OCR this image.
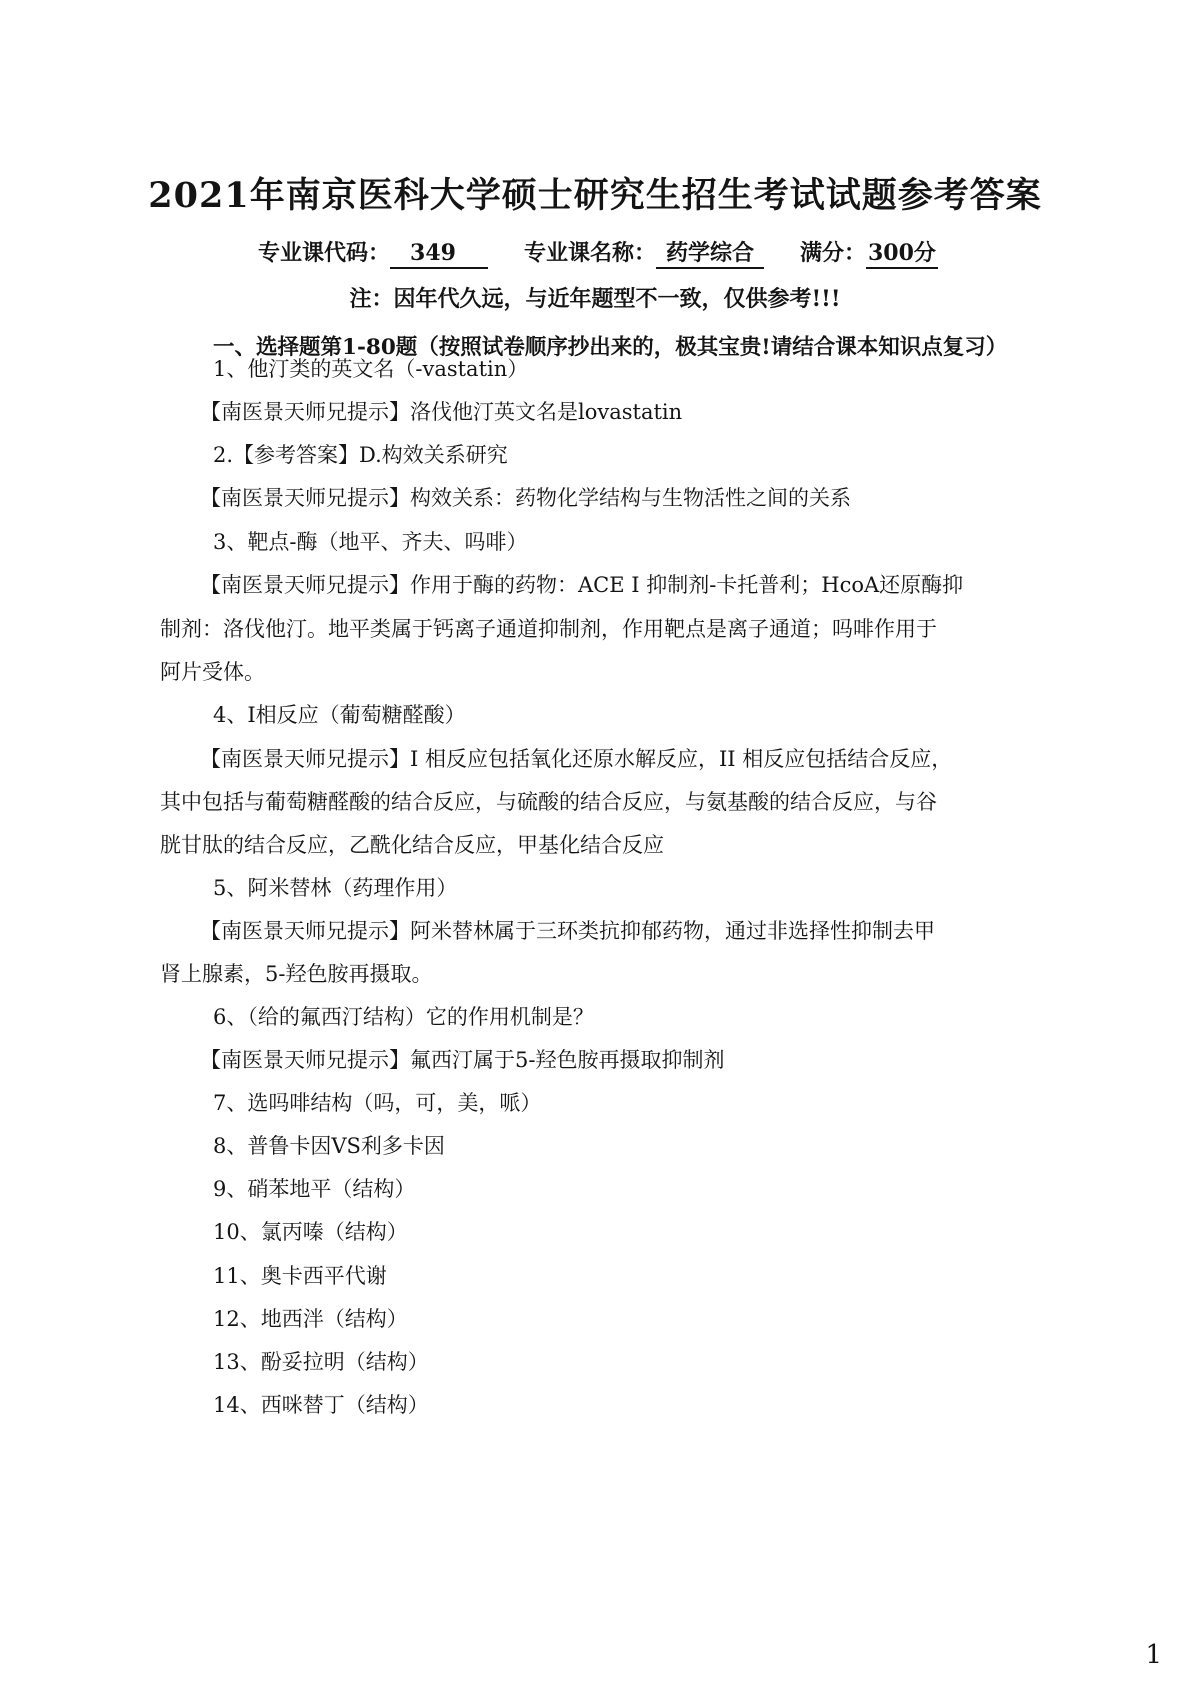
2021年南京医科大学硕士研究生招生考试试题参考答案
专业课代码： 349	专业课名称： 药学综合 满分：300分
注：因年代久远，与近年题型不一致，仅供参考!!!
一、选择题第1-80题（按照试卷顺序抄出来的，极其宝贵!请结合课本知识点复习）
1、他汀类的英文名（-vastatin）
【南医景天师兄提示】洛伐他汀英文名是lovastatin
2.【参考答案】D.构效关系研究
【南医景天师兄提示】构效关系：药物化学结构与生物活性之间的关系
3、靶点-酶（地平、齐夫、吗啡）
【南医景天师兄提示】作用于酶的药物：ACE I 抑制剂-卡托普利；HcoA还原酶抑
制剂：洛伐他汀。地平类属于钙离子通道抑制剂，作用靶点是离子通道；吗啡作用于
阿片受体。
4、I相反应（葡萄糖醛酸）
【南医景天师兄提示】I 相反应包括氧化还原水解反应，II 相反应包括结合反应，
其中包括与葡萄糖醛酸的结合反应，与硫酸的结合反应，与氨基酸的结合反应，与谷
胱甘肽的结合反应，乙酰化结合反应，甲基化结合反应
5、阿米替林（药理作用）
【南医景天师兄提示】阿米替林属于三环类抗抑郁药物，通过非选择性抑制去甲
肾上腺素，5-羟色胺再摄取。
6、（给的氟西汀结构）它的作用机制是？
【南医景天师兄提示】氟西汀属于5-羟色胺再摄取抑制剂
7、选吗啡结构（吗，可，美，哌）
8、普鲁卡因VS利多卡因
9、硝苯地平（结构）
10、氯丙嗪（结构）
11、奥卡西平代谢
12、地西泮（结构）
13、酚妥拉明（结构）
14、西咪替丁（结构）
1
